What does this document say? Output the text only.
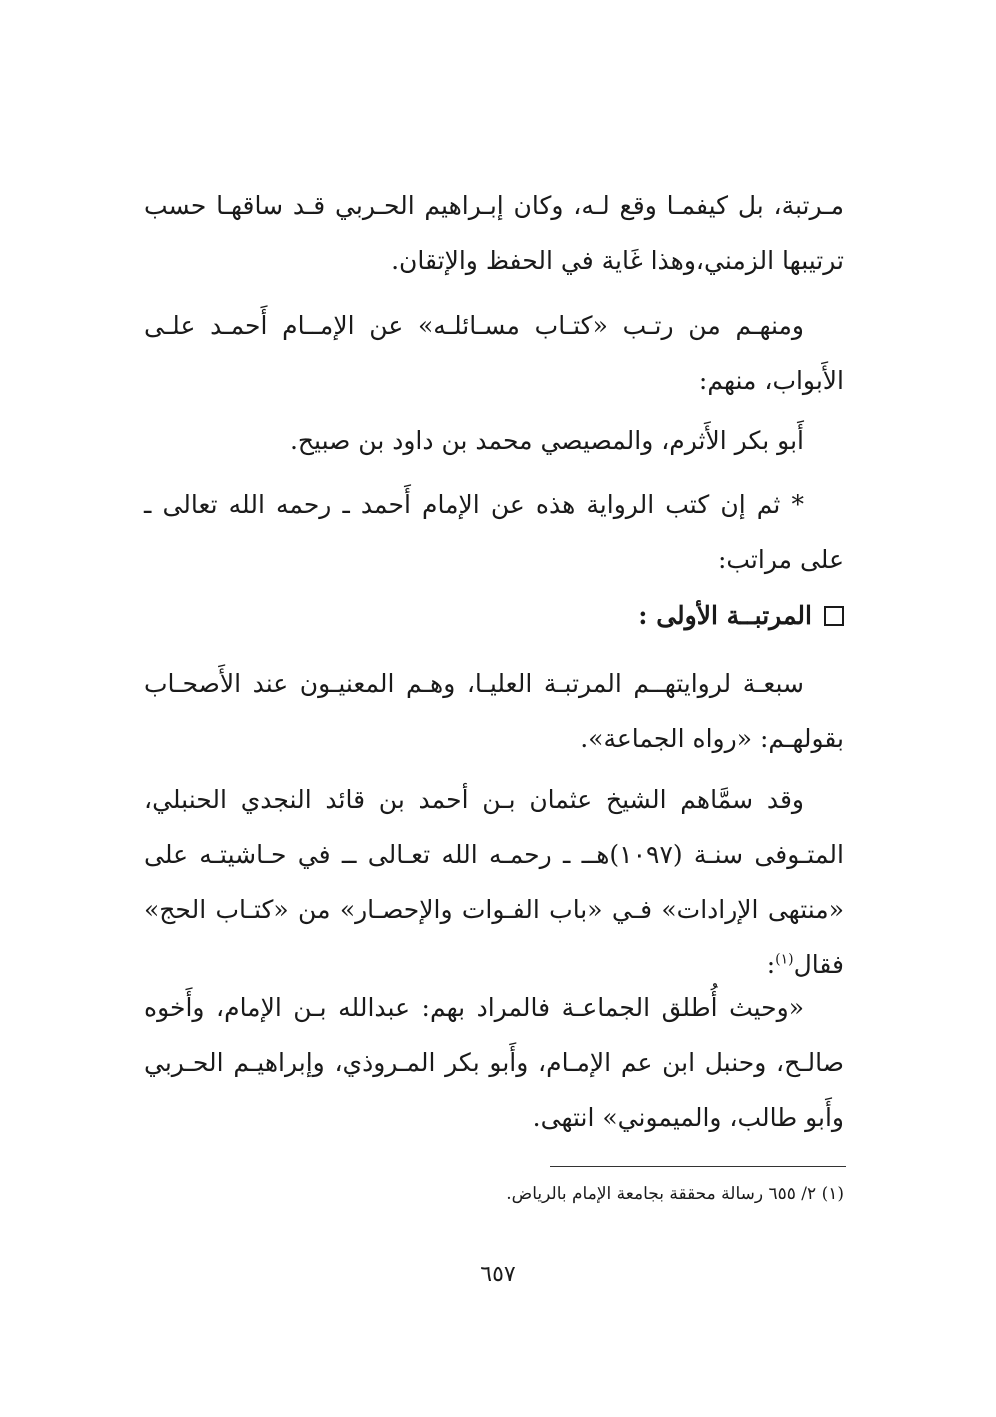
مـرتبة، بل كيفمـا وقع لـه، وكان إبـراهيم الحـربي قـد ساقهـا حسب ترتيبها الزمني،وهذا غَاية في الحفظ والإتقان.
ومنهـم من رتـب «كتـاب مسـائلـه» عن الإمــام أَحمـد علـى الأَبواب، منهم:
أَبو بكر الأَثرم، والمصيصي محمد بن داود بن صبيح.
* ثم إن كتب الرواية هذه عن الإمام أَحمد ـ رحمه الله تعالى ـ على مراتب:
المرتبــة الأولى :
سبعـة لروايتهــم المرتبـة العليـا، وهـم المعنيـون عند الأَصحـاب بقولهـم: «رواه الجماعة».
وقد سمَّاهم الشيخ عثمان بـن أحمد بن قائد النجدي الحنبلي، المتـوفى سنـة (١٠٩٧)هــ ـ رحمـه الله تعـالى ــ في حـاشيتـه على «منتهى الإرادات» فـي «باب الفـوات والإحصـار» من «كتـاب الحج» فقال$^{(١)}$:
«وحيث أُطلق الجماعـة فالمراد بهم: عبدالله بـن الإمام، وأَخوه صالـح، وحنبل ابن عم الإمـام، وأَبو بكر المـروذي، وإبراهيـم الحـربي وأَبو طالب، والميموني» انتهى.
(١) ٢/ ٦٥٥ رسالة محققة بجامعة الإمام بالرياض.
٦٥٧
